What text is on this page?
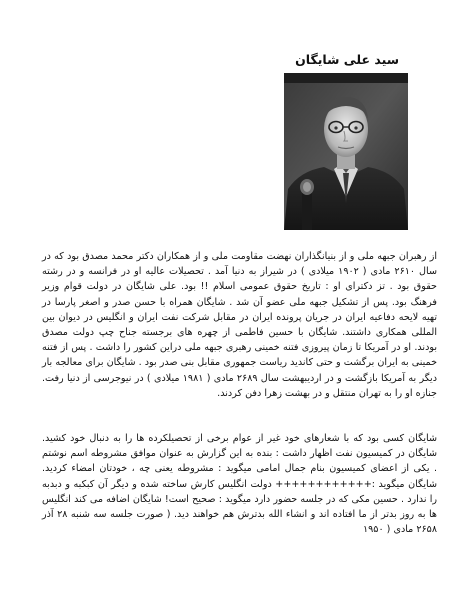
سید علی شایگان

از رهبران جبهه ملی و از بنیانگذاران نهضت مقاومت ملی و از همکاران دکتر محمد مصدق بود که در سال ۲۶۱۰ مادی ( ۱۹۰۲ میلادی ) در شیراز به دنیا آمد . تحصیلات عالیه او در فرانسه و در رشته حقوق بود . تز دکترای او : تاریخ حقوق عمومی اسلام !! بود. علی شایگان در دولت قوام وزیر فرهنگ بود. پس از تشکیل جبهه ملی عضو آن شد . شایگان همراه با حسن صدر و اصغر پارسا در تهیه لایحه دفاعیه ایران در جریان پرونده ایران در مقابل شرکت نفت ایران و انگلیس در دیوان بین المللی همکاری داشتند. شایگان با حسین فاطمی از چهره های برجسته جناح چپ دولت مصدق بودند. او در آمریکا تا زمان پیروزی فتنه خمینی رهبری جبهه ملی دراین کشور را داشت . پس از فتنه خمینی به ایران برگشت و حتی کاندید ریاست جمهوری مقابل بنی صدر بود . شایگان برای معالجه بار دیگر به آمریکا بازگشت و در اردیبهشت سال ۲۶۸۹ مادی ( ۱۹۸۱ میلادی ) در نیوجرسی از دنیا رفت. جنازه او را به تهران منتقل و در بهشت زهرا دفن کردند.

شایگان کسی بود که با شعارهای خود غیر از عوام برخی از تحصیلکرده ها را به دنبال خود کشید. شایگان در کمیسیون نفت اظهار داشت : بنده به این گزارش به عنوان موافق مشروطه اسم نوشتم . یکی از اعضای کمیسیون بنام جمال امامی میگوید : مشروطه یعنی چه ، خودتان امضاء کردید. شایگان میگوید :++++++++++++ دولت انگلیس کارش ساخته شده و دیگر آن کبکبه و دبدبه را ندارد . حسین مکی که در جلسه حضور دارد میگوید : صحیح است! شایگان اضافه می کند انگلیس ها به روز بدتر از ما افتاده اند و انشاء الله بدترش هم خواهند دید. ( صورت جلسه سه شنبه ۲۸ آذر ۲۶۵۸ مادی ( ۱۹۵۰
